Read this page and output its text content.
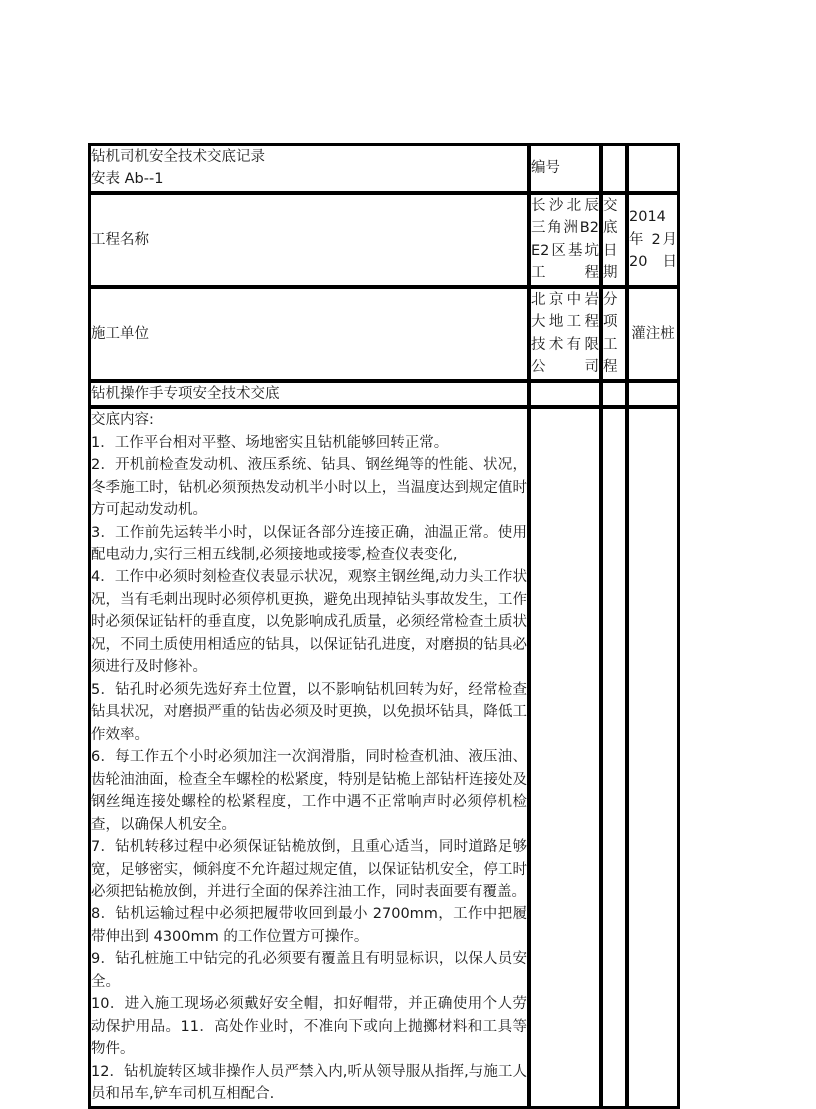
钻机司机安全技术交底记录
安表 Ab--1	编号		
工程名称	长沙北辰三角洲B2E2区基坑工程	交底日期	2014年 2月20日
施工单位	北京中岩大地工程技术有限公司	分项工程	灌注桩
钻机操作手专项安全技术交底			

交底内容:

1．工作平台相对平整、场地密实且钻机能够回转正常。

2．开机前检查发动机、液压系统、钻具、钢丝绳等的性能、状况，冬季施工时，钻机必须预热发动机半小时以上，当温度达到规定值时方可起动发动机。

3．工作前先运转半小时，以保证各部分连接正确，油温正常。使用配电动力,实行三相五线制,必须接地或接零,检查仪表变化,

4．工作中必须时刻检查仪表显示状况，观察主钢丝绳,动力头工作状况，当有毛刺出现时必须停机更换，避免出现掉钻头事故发生，工作时必须保证钻杆的垂直度，以免影响成孔质量，必须经常检查土质状况，不同土质使用相适应的钻具，以保证钻孔进度，对磨损的钻具必须进行及时修补。

5．钻孔时必须先选好弃土位置，以不影响钻机回转为好，经常检查钻具状况，对磨损严重的钻齿必须及时更换，以免损坏钻具，降低工作效率。

6．每工作五个小时必须加注一次润滑脂，同时检查机油、液压油、齿轮油油面，检查全车螺栓的松紧度，特别是钻桅上部钻杆连接处及钢丝绳连接处螺栓的松紧程度，工作中遇不正常响声时必须停机检查，以确保人机安全。

7．钻机转移过程中必须保证钻桅放倒，且重心适当，同时道路足够宽，足够密实，倾斜度不允许超过规定值，以保证钻机安全，停工时必须把钻桅放倒，并进行全面的保养注油工作，同时表面要有覆盖。

8．钻机运输过程中必须把履带收回到最小 2700mm，工作中把履带伸出到 4300mm 的工作位置方可操作。

9．钻孔桩施工中钻完的孔必须要有覆盖且有明显标识，以保人员安全。

10．进入施工现场必须戴好安全帽，扣好帽带，并正确使用个人劳动保护用品。11．高处作业时，不准向下或向上抛擲材料和工具等物件。

12．钻机旋转区域非操作人员严禁入内,听从领导服从指挥,与施工人员和吊车,铲车司机互相配合.
